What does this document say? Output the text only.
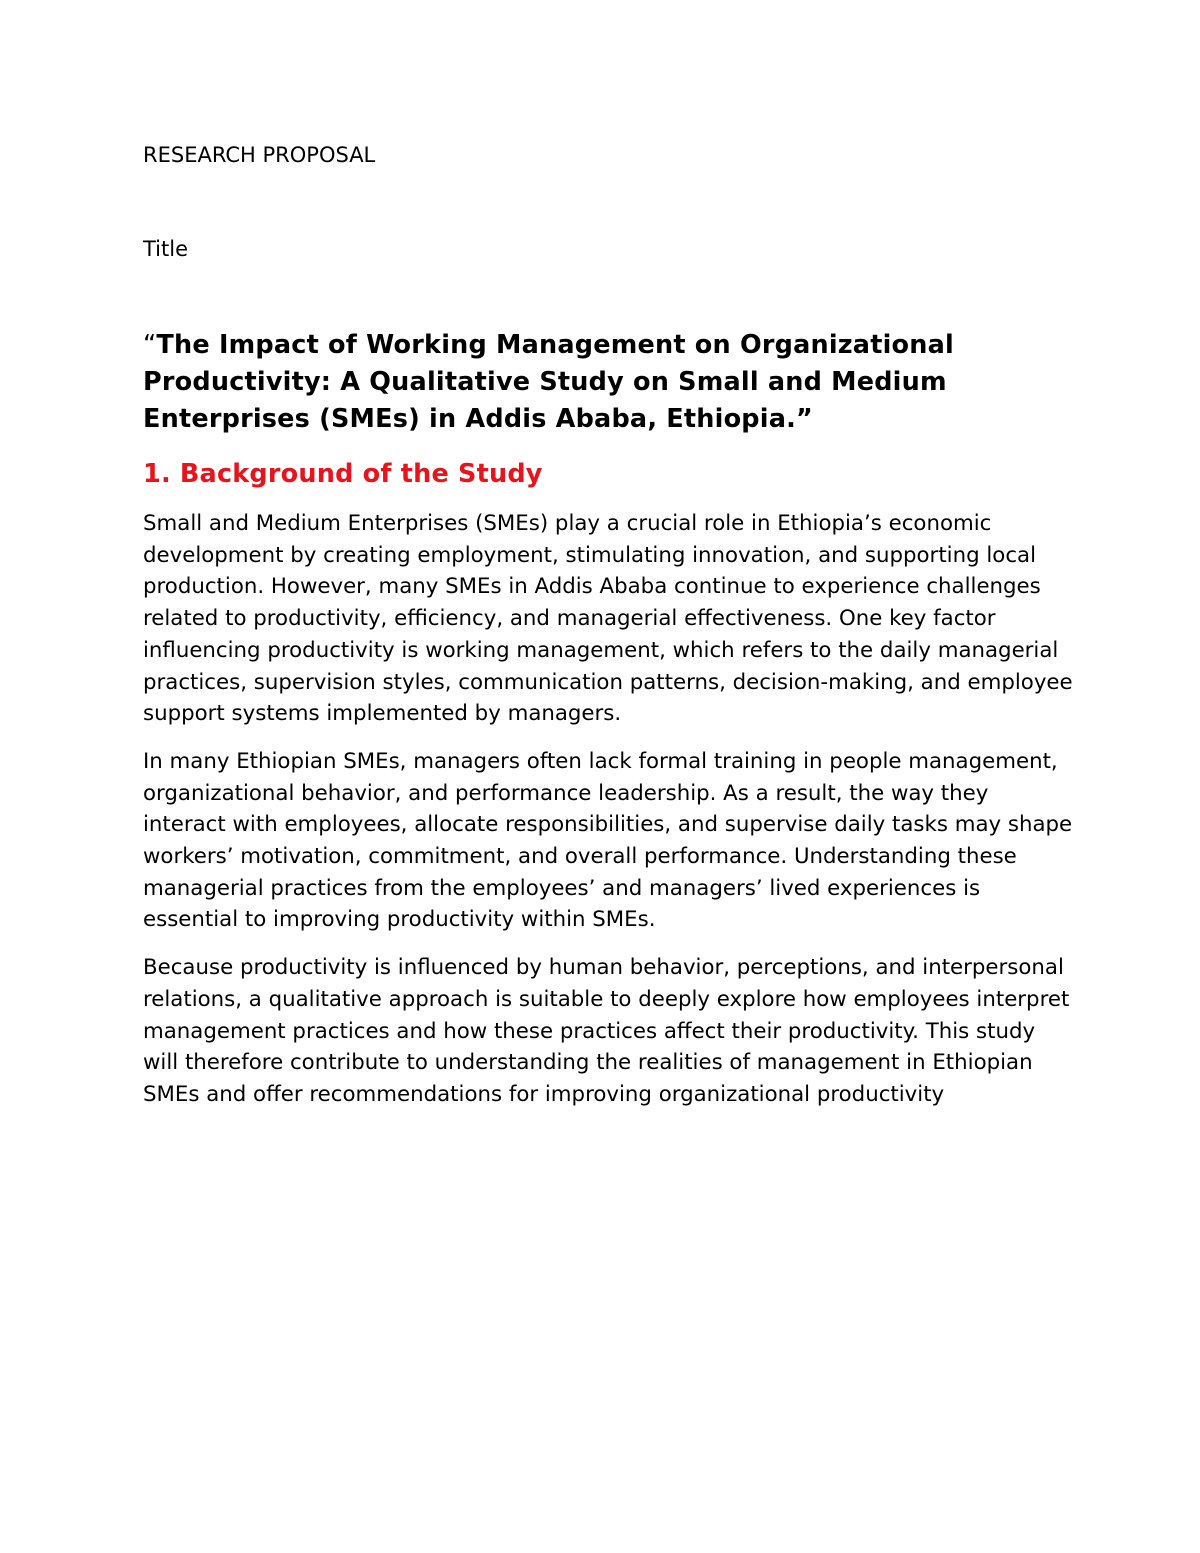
RESEARCH PROPOSAL

Title

“The Impact of Working Management on Organizational Productivity: A Qualitative Study on Small and Medium Enterprises (SMEs) in Addis Ababa, Ethiopia.”
1. Background of the Study

Small and Medium Enterprises (SMEs) play a crucial role in Ethiopia’s economic development by creating employment, stimulating innovation, and supporting local production. However, many SMEs in Addis Ababa continue to experience challenges related to productivity, efficiency, and managerial effectiveness. One key factor influencing productivity is working management, which refers to the daily managerial practices, supervision styles, communication patterns, decision-making, and employee support systems implemented by managers.

In many Ethiopian SMEs, managers often lack formal training in people management, organizational behavior, and performance leadership. As a result, the way they interact with employees, allocate responsibilities, and supervise daily tasks may shape workers’ motivation, commitment, and overall performance. Understanding these managerial practices from the employees’ and managers’ lived experiences is essential to improving productivity within SMEs.

Because productivity is influenced by human behavior, perceptions, and interpersonal relations, a qualitative approach is suitable to deeply explore how employees interpret management practices and how these practices affect their productivity. This study will therefore contribute to understanding the realities of management in Ethiopian SMEs and offer recommendations for improving organizational productivity
